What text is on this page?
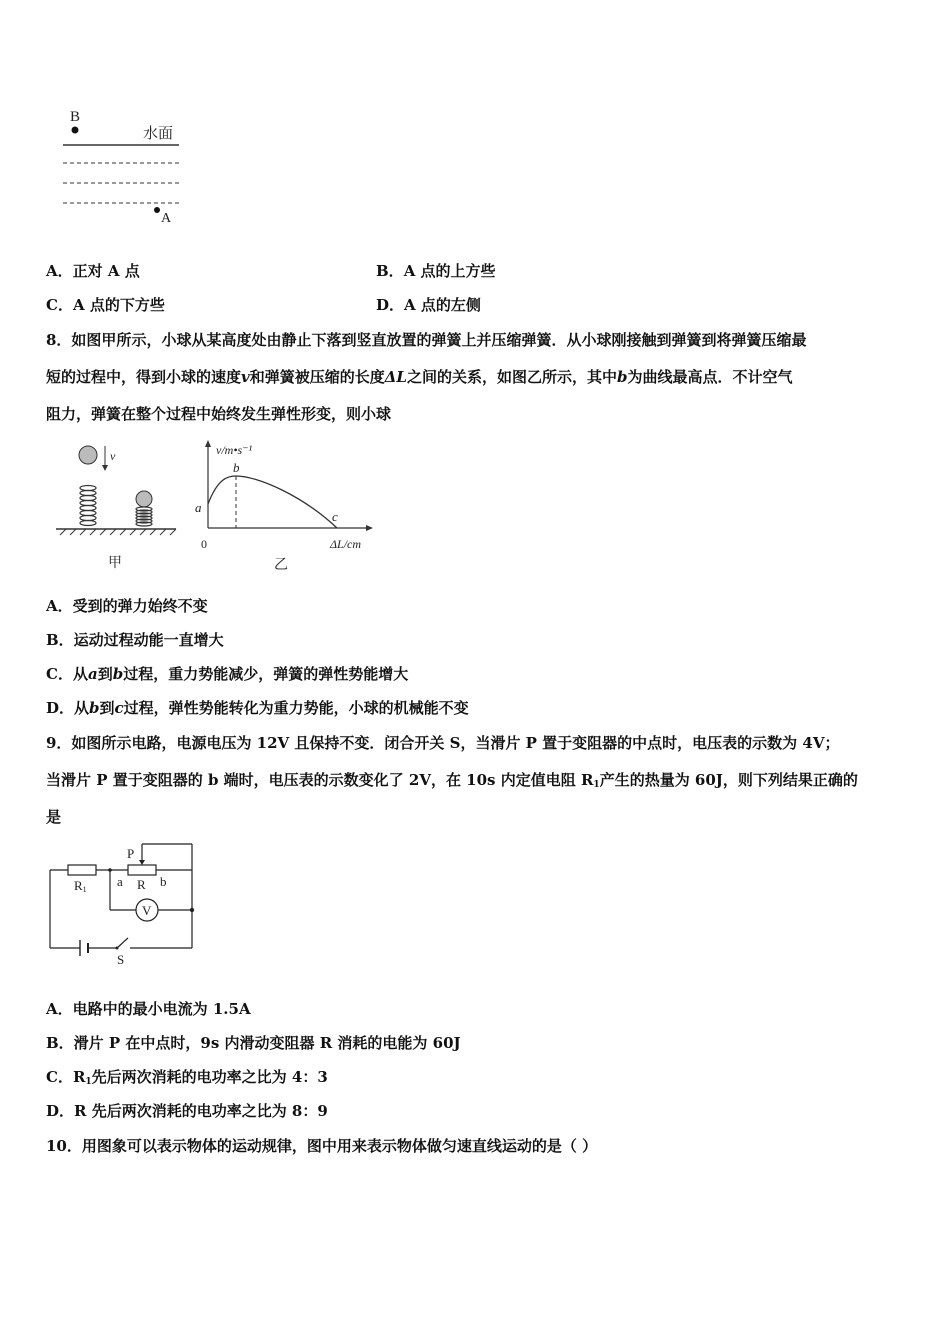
B
水面
A
A．正对 A 点	B．A 点的上方些
C．A 点的下方些	D．A 点的左侧
8．如图甲所示，小球从某高度处由静止下落到竖直放置的弹簧上并压缩弹簧．从小球刚接触到弹簧到将弹簧压缩最
短的过程中，得到小球的速度v和弹簧被压缩的长度ΔL之间的关系，如图乙所示，其中b为曲线最高点．不计空气
阻力，弹簧在整个过程中始终发生弹性形变，则小球
v
甲
v/m•s⁻¹
ΔL/cm
0
a
b
c
乙
A．受到的弹力始终不变
B．运动过程动能一直增大
C．从a到b过程，重力势能减少，弹簧的弹性势能增大
D．从b到c过程，弹性势能转化为重力势能，小球的机械能不变
9．如图所示电路，电源电压为 12V 且保持不变．闭合开关 S，当滑片 P 置于变阻器的中点时，电压表的示数为 4V；
当滑片 P 置于变阻器的 b 端时，电压表的示数变化了 2V，在 10s 内定值电阻 $R_1$产生的热量为 60J，则下列结果正确的
是
P
R1
a R b
V
S
A．电路中的最小电流为 1.5A
B．滑片 P 在中点时，9s 内滑动变阻器 R 消耗的电能为 60J
C．$R_1$先后两次消耗的电功率之比为 4：3
D．R 先后两次消耗的电功率之比为 8：9
10．用图象可以表示物体的运动规律，图中用来表示物体做匀速直线运动的是（ ）
